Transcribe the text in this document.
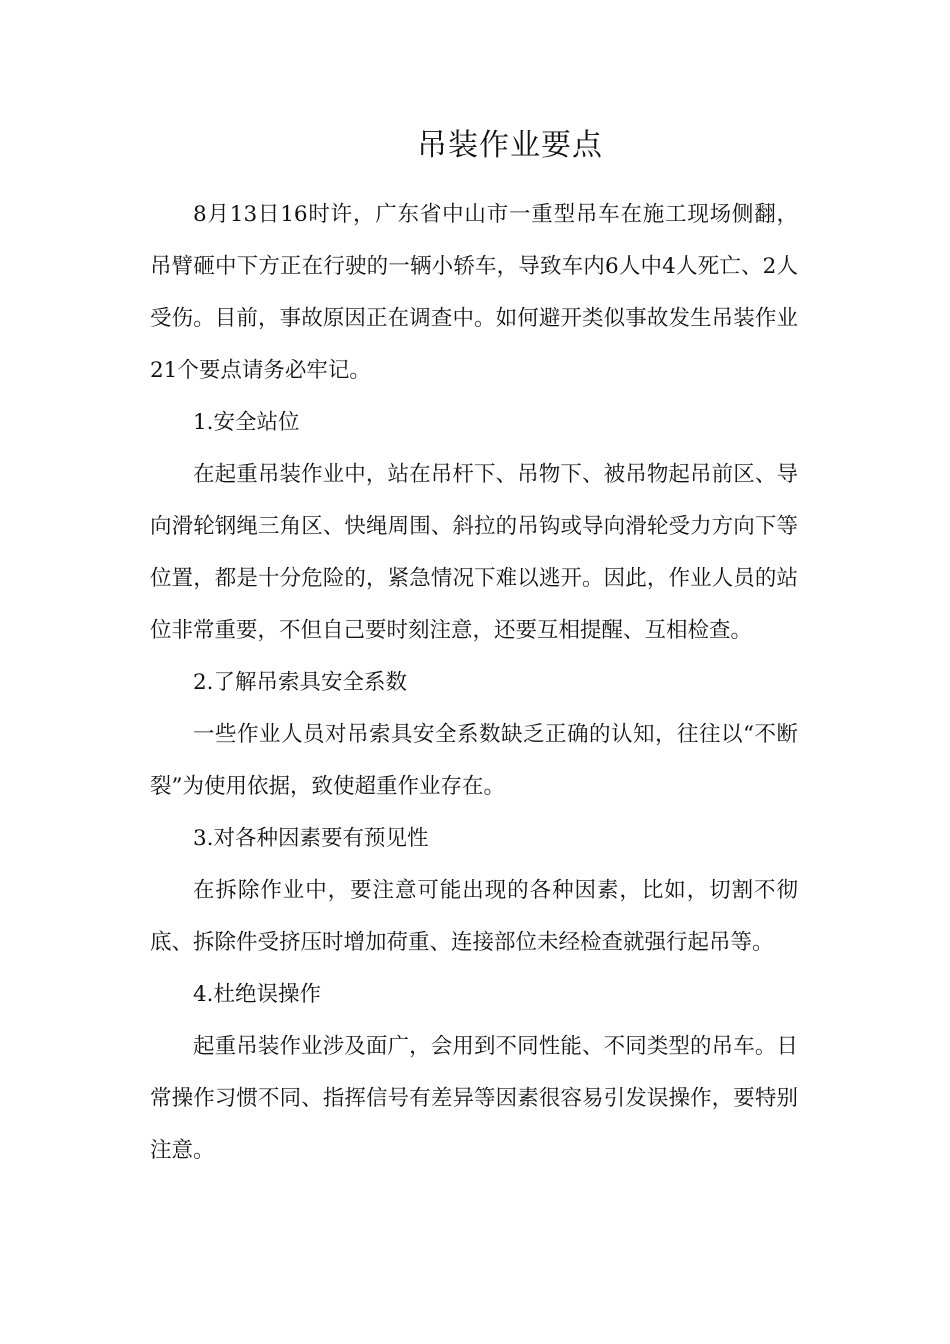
吊装作业要点

8月13日16时许，广东省中山市一重型吊车在施工现场侧翻，吊臂砸中下方正在行驶的一辆小轿车，导致车内6人中4人死亡、2人受伤。目前，事故原因正在调查中。如何避开类似事故发生吊装作业21个要点请务必牢记。

1.安全站位

在起重吊装作业中，站在吊杆下、吊物下、被吊物起吊前区、导向滑轮钢绳三角区、快绳周围、斜拉的吊钩或导向滑轮受力方向下等位置，都是十分危险的，紧急情况下难以逃开。因此，作业人员的站位非常重要，不但自己要时刻注意，还要互相提醒、互相检查。

2.了解吊索具安全系数

一些作业人员对吊索具安全系数缺乏正确的认知，往往以“不断裂”为使用依据，致使超重作业存在。

3.对各种因素要有预见性

在拆除作业中，要注意可能出现的各种因素，比如，切割不彻底、拆除件受挤压时增加荷重、连接部位未经检查就强行起吊等。

4.杜绝误操作

起重吊装作业涉及面广，会用到不同性能、不同类型的吊车。日常操作习惯不同、指挥信号有差异等因素很容易引发误操作，要特别注意。
